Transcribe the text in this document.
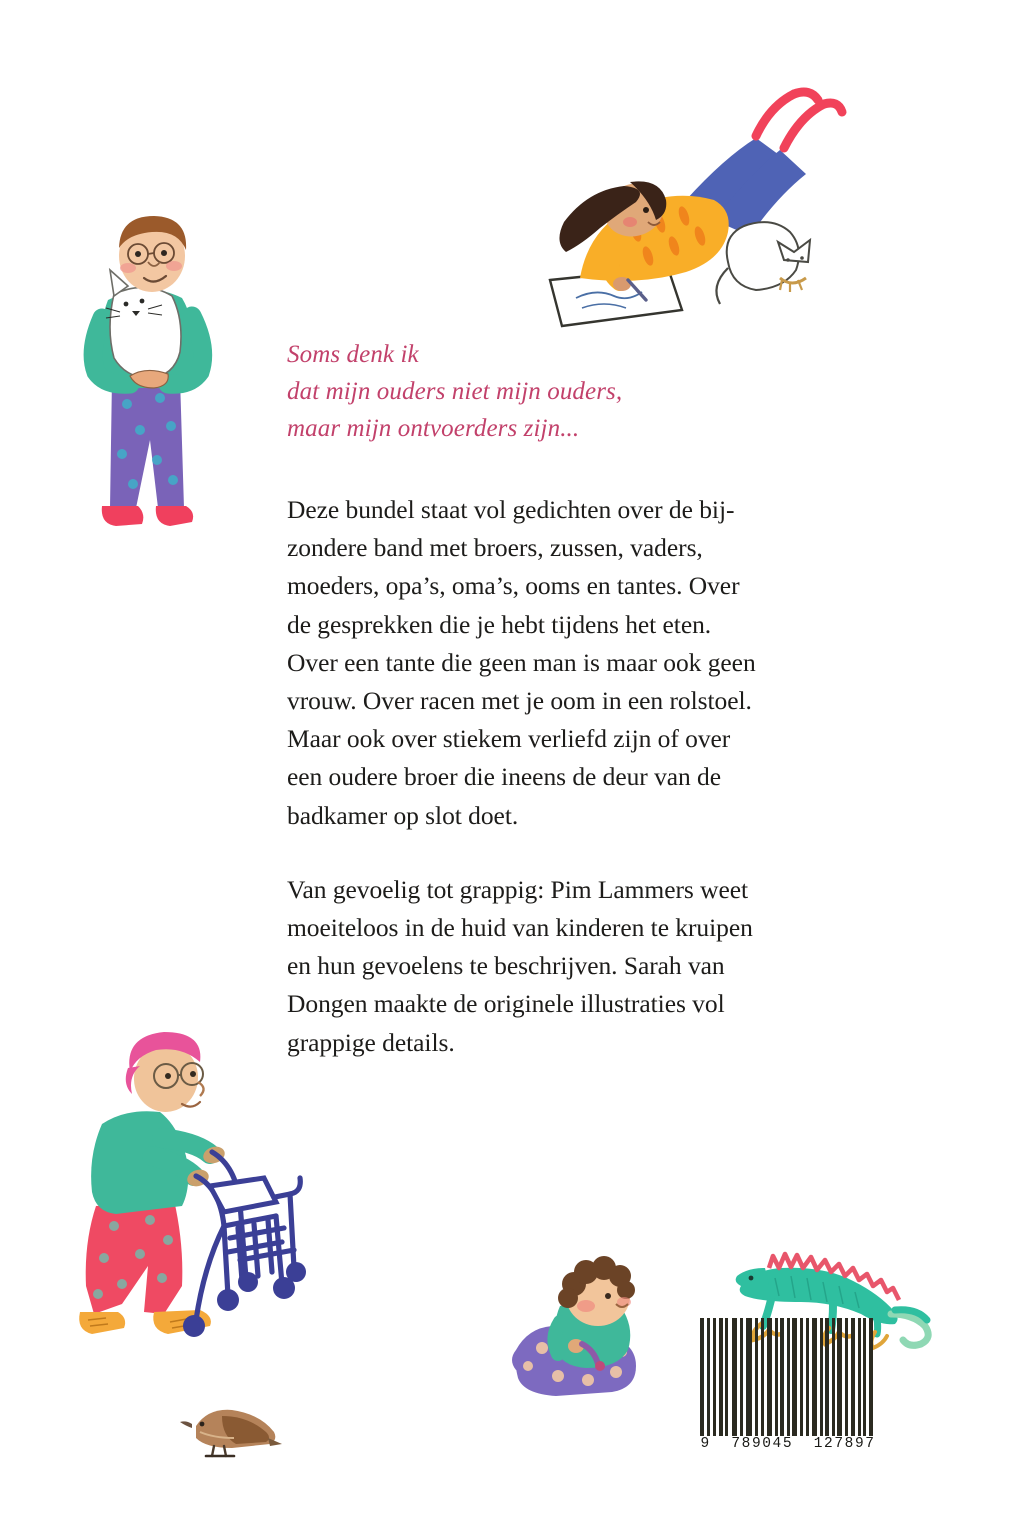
Soms denk ik
dat mijn ouders niet mijn ouders,
maar mijn ontvoerders zijn...

Deze bundel staat vol gedichten over de bij-
zondere band met broers, zussen, vaders,
moeders, opa’s, oma’s, ooms en tantes. Over
de gesprekken die je hebt tijdens het eten.
Over een tante die geen man is maar ook geen
vrouw. Over racen met je oom in een rolstoel.
Maar ook over stiekem verliefd zijn of over
een oudere broer die ineens de deur van de
badkamer op slot doet.

Van gevoelig tot grappig: Pim Lammers weet
moeiteloos in de huid van kinderen te kruipen
en hun gevoelens te beschrijven. Sarah van
Dongen maakte de originele illustraties vol
grappige details.

9  789045  127897
